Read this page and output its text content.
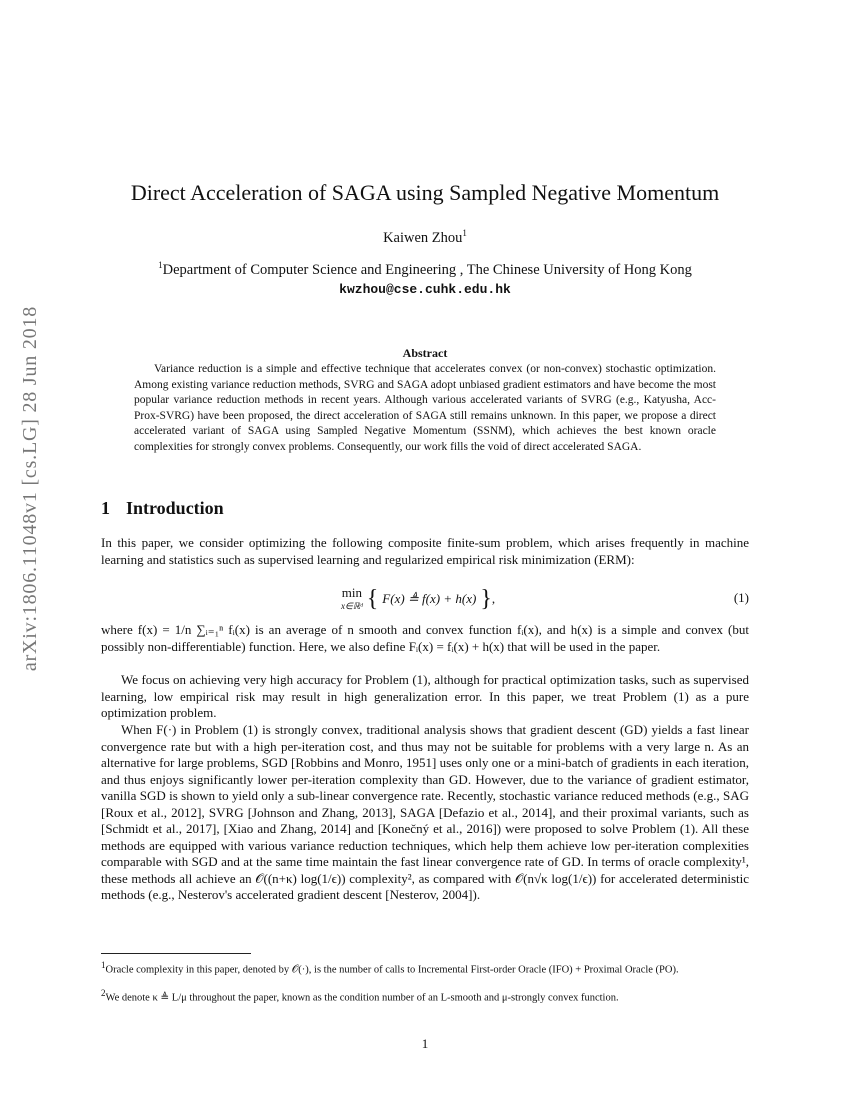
arXiv:1806.11048v1 [cs.LG] 28 Jun 2018
Direct Acceleration of SAGA using Sampled Negative Momentum
Kaiwen Zhou$^1$
$^1$Department of Computer Science and Engineering , The Chinese University of Hong Kong
kwzhou@cse.cuhk.edu.hk
Abstract

Variance reduction is a simple and effective technique that accelerates convex (or non-convex) stochastic optimization. Among existing variance reduction methods, SVRG and SAGA adopt unbiased gradient estimators and have become the most popular variance reduction methods in recent years. Although various accelerated variants of SVRG (e.g., Katyusha, Acc-Prox-SVRG) have been proposed, the direct acceleration of SAGA still remains unknown. In this paper, we propose a direct accelerated variant of SAGA using Sampled Negative Momentum (SSNM), which achieves the best known oracle complexities for strongly convex problems. Consequently, our work fills the void of direct accelerated SAGA.

1 Introduction

In this paper, we consider optimizing the following composite finite-sum problem, which arises frequently in machine learning and statistics such as supervised learning and regularized empirical risk minimization (ERM):

min
x∈ℝᵈ { F(x) ≜ f(x) + h(x) } ,	(1)

where f(x) = 1/n ∑ᵢ₌₁ⁿ fᵢ(x) is an average of n smooth and convex function fᵢ(x), and h(x) is a simple and convex (but possibly non-differentiable) function. Here, we also define Fᵢ(x) = fᵢ(x) + h(x) that will be used in the paper.

We focus on achieving very high accuracy for Problem (1), although for practical optimization tasks, such as supervised learning, low empirical risk may result in high generalization error. In this paper, we treat Problem (1) as a pure optimization problem.

When F(·) in Problem (1) is strongly convex, traditional analysis shows that gradient descent (GD) yields a fast linear convergence rate but with a high per-iteration cost, and thus may not be suitable for problems with a very large n. As an alternative for large problems, SGD [Robbins and Monro, 1951] uses only one or a mini-batch of gradients in each iteration, and thus enjoys significantly lower per-iteration complexity than GD. However, due to the variance of gradient estimator, vanilla SGD is shown to yield only a sub-linear convergence rate. Recently, stochastic variance reduced methods (e.g., SAG [Roux et al., 2012], SVRG [Johnson and Zhang, 2013], SAGA [Defazio et al., 2014], and their proximal variants, such as [Schmidt et al., 2017], [Xiao and Zhang, 2014] and [Konečný et al., 2016]) were proposed to solve Problem (1). All these methods are equipped with various variance reduction techniques, which help them achieve low per-iteration complexities comparable with SGD and at the same time maintain the fast linear convergence rate of GD. In terms of oracle complexity¹, these methods all achieve an 𝒪((n+κ) log(1/ϵ)) complexity², as compared with 𝒪(n√κ log(1/ϵ)) for accelerated deterministic methods (e.g., Nesterov's accelerated gradient descent [Nesterov, 2004]).

$^1$Oracle complexity in this paper, denoted by 𝒪(·), is the number of calls to Incremental First-order Oracle (IFO) + Proximal Oracle (PO).

$^2$We denote κ ≜ L/μ throughout the paper, known as the condition number of an L-smooth and μ-strongly convex function.

1
